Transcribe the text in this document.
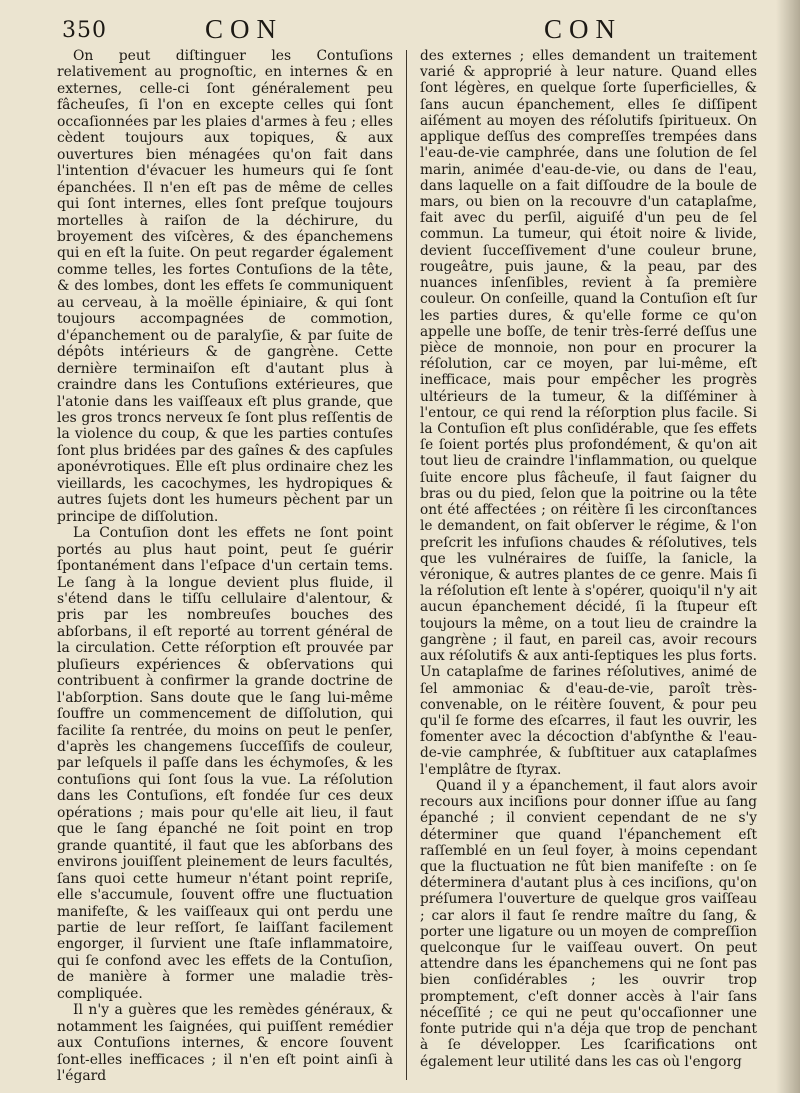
350	CON	CON

On peut diſtinguer les Contuſions relativement au prognoſtic, en internes & en externes, celle-ci ſont généralement peu fâcheuſes, ſi l'on en excepte celles qui ſont occaſionnées par les plaies d'armes à feu ; elles cèdent toujours aux topiques, & aux ouvertures bien ménagées qu'on fait dans l'intention d'évacuer les humeurs qui ſe ſont épanchées. Il n'en eſt pas de même de celles qui ſont internes, elles ſont preſque toujours mortelles à raiſon de la déchirure, du broyement des viſcères, & des épanchemens qui en eſt la ſuite. On peut regarder également comme telles, les fortes Contuſions de la tête, & des lombes, dont les effets ſe communiquent au cerveau, à la moëlle épiniaire, & qui ſont toujours accompagnées de commotion, d'épanchement ou de paralyſie, & par ſuite de dépôts intérieurs & de gangrène. Cette dernière terminaiſon eſt d'autant plus à craindre dans les Contuſions extérieures, que l'atonie dans les vaiſſeaux eſt plus grande, que les gros troncs nerveux ſe ſont plus reſſentis de la violence du coup, & que les parties contuſes ſont plus bridées par des gaînes & des capſules aponévrotiques. Elle eſt plus ordinaire chez les vieillards, les cacochymes, les hydropiques & autres ſujets dont les humeurs pèchent par un principe de diſſolution.

La Contuſion dont les effets ne ſont point portés au plus haut point, peut ſe guérir ſpontanément dans l'eſpace d'un certain tems. Le ſang à la longue devient plus fluide, il s'étend dans le tiſſu cellulaire d'alentour, & pris par les nombreuſes bouches des abſorbans, il eſt reporté au torrent général de la circulation. Cette réſorption eſt prouvée par pluſieurs expériences & obſervations qui contribuent à confirmer la grande doctrine de l'abſorption. Sans doute que le ſang lui-même ſouffre un commencement de diſſolution, qui facilite ſa rentrée, du moins on peut le penſer, d'après les changemens ſucceſſifs de couleur, par leſquels il paſſe dans les échymoſes, & les contuſions qui ſont ſous la vue. La réſolution dans les Contuſions, eſt fondée ſur ces deux opérations ; mais pour qu'elle ait lieu, il faut que le ſang épanché ne ſoit point en trop grande quantité, il faut que les abſorbans des environs jouiſſent pleinement de leurs facultés, ſans quoi cette humeur n'étant point repriſe, elle s'accumule, ſouvent offre une fluctuation manifeſte, & les vaiſſeaux qui ont perdu une partie de leur reſſort, ſe laiſſant facilement engorger, il ſurvient une ſtaſe inflammatoire, qui ſe confond avec les effets de la Contuſion, de manière à former une maladie très-compliquée.

Il n'y a guères que les remèdes généraux, & notamment les ſaignées, qui puiſſent remédier aux Contuſions internes, & encore ſouvent ſont-elles inefficaces ; il n'en eſt point ainſi à l'égard

des externes ; elles demandent un traitement varié & approprié à leur nature. Quand elles ſont légères, en quelque ſorte ſuperficielles, & ſans aucun épanchement, elles ſe diſſipent aiſément au moyen des réſolutifs ſpiritueux. On applique deſſus des compreſſes trempées dans l'eau-de-vie camphrée, dans une ſolution de ſel marin, animée d'eau-de-vie, ou dans de l'eau, dans laquelle on a fait diſſoudre de la boule de mars, ou bien on la recouvre d'un cataplaſme, fait avec du perſil, aiguiſé d'un peu de ſel commun. La tumeur, qui étoit noire & livide, devient ſucceſſivement d'une couleur brune, rougeâtre, puis jaune, & la peau, par des nuances inſenſibles, revient à ſa première couleur. On conſeille, quand la Contuſion eſt ſur les parties dures, & qu'elle forme ce qu'on appelle une boſſe, de tenir très-ſerré deſſus une pièce de monnoie, non pour en procurer la réſolution, car ce moyen, par lui-même, eſt inefficace, mais pour empêcher les progrès ultérieurs de la tumeur, & la diſſéminer à l'entour, ce qui rend la réſorption plus facile. Si la Contuſion eſt plus conſidérable, que ſes effets ſe ſoient portés plus profondément, & qu'on ait tout lieu de craindre l'inflammation, ou quelque ſuite encore plus fâcheuſe, il faut ſaigner du bras ou du pied, ſelon que la poitrine ou la tête ont été affectées ; on réitère ſi les circonſtances le demandent, on fait obſerver le régime, & l'on preſcrit les infuſions chaudes & réſolutives, tels que les vulnéraires de ſuiſſe, la ſanicle, la véronique, & autres plantes de ce genre. Mais ſi la réſolution eſt lente à s'opérer, quoiqu'il n'y ait aucun épanchement décidé, ſi la ſtupeur eſt toujours la même, on a tout lieu de craindre la gangrène ; il faut, en pareil cas, avoir recours aux réſolutifs & aux anti-ſeptiques les plus forts. Un cataplaſme de farines réſolutives, animé de ſel ammoniac & d'eau-de-vie, paroît très-convenable, on le réitère ſouvent, & pour peu qu'il ſe forme des eſcarres, il faut les ouvrir, les fomenter avec la décoction d'abſynthe & l'eau-de-vie camphrée, & ſubſtituer aux cataplaſmes l'emplâtre de ſtyrax.

Quand il y a épanchement, il faut alors avoir recours aux inciſions pour donner iſſue au ſang épanché ; il convient cependant de ne s'y déterminer que quand l'épanchement eſt raſſemblé en un ſeul foyer, à moins cependant que la fluctuation ne fût bien manifeſte : on ſe déterminera d'autant plus à ces inciſions, qu'on préſumera l'ouverture de quelque gros vaiſſeau ; car alors il faut ſe rendre maître du ſang, & porter une ligature ou un moyen de compreſſion quelconque ſur le vaiſſeau ouvert. On peut attendre dans les épanchemens qui ne ſont pas bien conſidérables ; les ouvrir trop promptement, c'eſt donner accès à l'air ſans néceſſité ; ce qui ne peut qu'occaſionner une fonte putride qui n'a déja que trop de penchant à ſe développer. Les ſcarifications ont également leur utilité dans les cas où l'engorg
